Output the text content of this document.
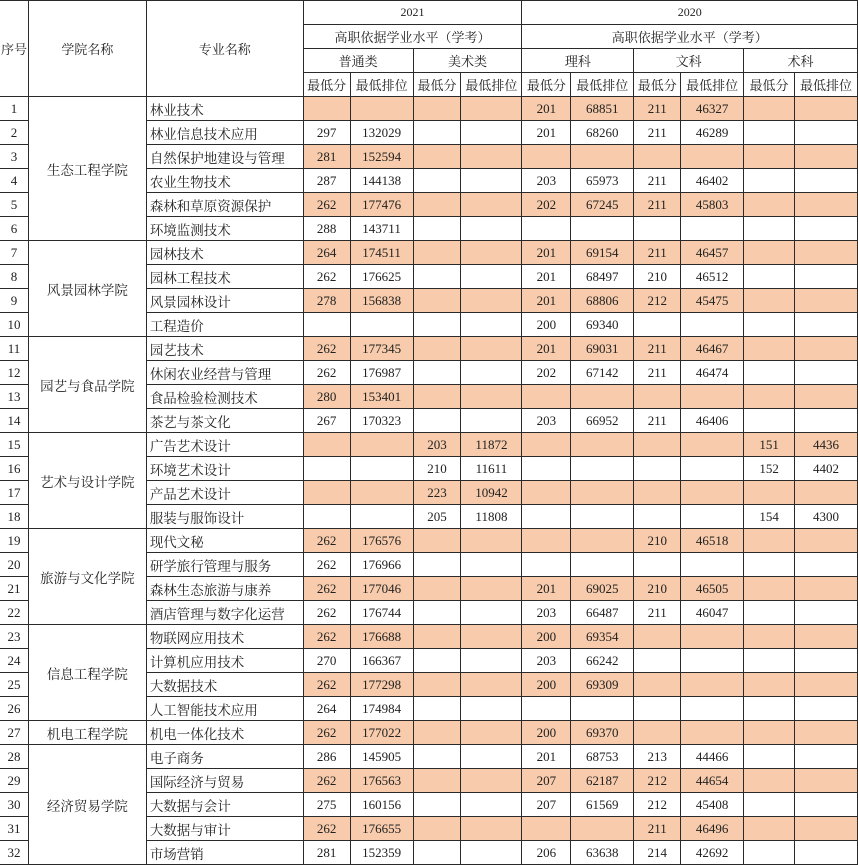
序号	学院名称	专业名称	2021				2020					
			高职依据学业水平（学考）				高职依据学业水平（学考）					
			普通类		美术类		理科		文科		术科	
			最低分	最低排位	最低分	最低排位	最低分	最低排位	最低分	最低排位	最低分	最低排位
1	生态工程学院	林业技术					201	68851	211	46327		
2		林业信息技术应用	297	132029			201	68260	211	46289		
3		自然保护地建设与管理	281	152594								
4		农业生物技术	287	144138			203	65973	211	46402		
5		森林和草原资源保护	262	177476			202	67245	211	45803		
6		环境监测技术	288	143711								
7	风景园林学院	园林技术	264	174511			201	69154	211	46457		
8		园林工程技术	262	176625			201	68497	210	46512		
9		风景园林设计	278	156838			201	68806	212	45475		
10		工程造价					200	69340				
11	园艺与食品学院	园艺技术	262	177345			201	69031	211	46467		
12		休闲农业经营与管理	262	176987			202	67142	211	46474		
13		食品检验检测技术	280	153401								
14		茶艺与茶文化	267	170323			203	66952	211	46406		
15	艺术与设计学院	广告艺术设计			203	11872					151	4436
16		环境艺术设计			210	11611					152	4402
17		产品艺术设计			223	10942						
18		服装与服饰设计			205	11808					154	4300
19	旅游与文化学院	现代文秘	262	176576					210	46518		
20		研学旅行管理与服务	262	176966								
21		森林生态旅游与康养	262	177046			201	69025	210	46505		
22		酒店管理与数字化运营	262	176744			203	66487	211	46047		
23	信息工程学院	物联网应用技术	262	176688			200	69354				
24		计算机应用技术	270	166367			203	66242				
25		大数据技术	262	177298			200	69309				
26		人工智能技术应用	264	174984								
27	机电工程学院	机电一体化技术	262	177022			200	69370				
28	经济贸易学院	电子商务	286	145905			201	68753	213	44466		
29		国际经济与贸易	262	176563			207	62187	212	44654		
30		大数据与会计	275	160156			207	61569	212	45408		
31		大数据与审计	262	176655					211	46496		
32		市场营销	281	152359			206	63638	214	42692		
